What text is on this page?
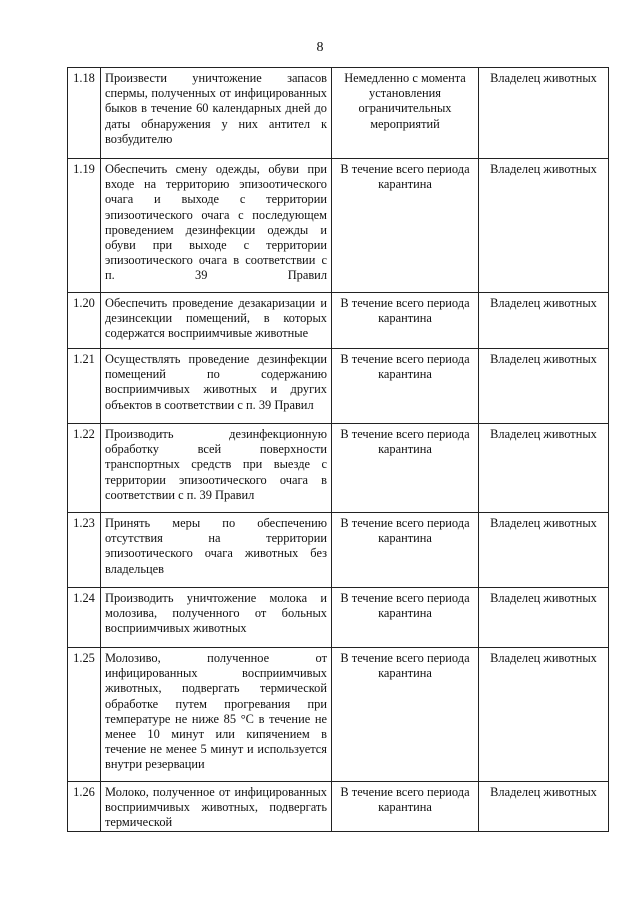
8
1.18	Произвести уничтожение запасов спермы, полученных от инфицированных быков в течение 60 календарных дней до даты обнаружения у них антител к возбудителю	Немедленно с момента установления ограничительных мероприятий	Владелец животных
1.19	Обеспечить смену одежды, обуви при входе на территорию эпизоотического очага и выходе с территории эпизоотического очага с последующем проведением дезинфекции одежды и обуви при выходе с территории эпизоотического очага в соответствии с п. 39 Правил	В течение всего периода карантина	Владелец животных
1.20	Обеспечить проведение дезакаризации и дезинсекции помещений, в которых содержатся восприимчивые животные	В течение всего периода карантина	Владелец животных
1.21	Осуществлять проведение дезинфекции помещений по содержанию восприимчивых животных и других объектов в соответствии с п. 39 Правил	В течение всего периода карантина	Владелец животных
1.22	Производить дезинфекционную обработку всей поверхности транспортных средств при выезде с территории эпизоотического очага в соответствии с п. 39 Правил	В течение всего периода карантина	Владелец животных
1.23	Принять меры по обеспечению отсутствия на территории эпизоотического очага животных без владельцев	В течение всего периода карантина	Владелец животных
1.24	Производить уничтожение молока и молозива, полученного от больных восприимчивых животных	В течение всего периода карантина	Владелец животных
1.25	Молозиво, полученное от инфицированных восприимчивых животных, подвергать термической обработке путем прогревания при температуре не ниже 85 °С в течение не менее 10 минут или кипячением в течение не менее 5 минут и используется внутри резервации	В течение всего периода карантина	Владелец животных
1.26	Молоко, полученное от инфицированных восприимчивых животных, подвергать термической	В течение всего периода карантина	Владелец животных
